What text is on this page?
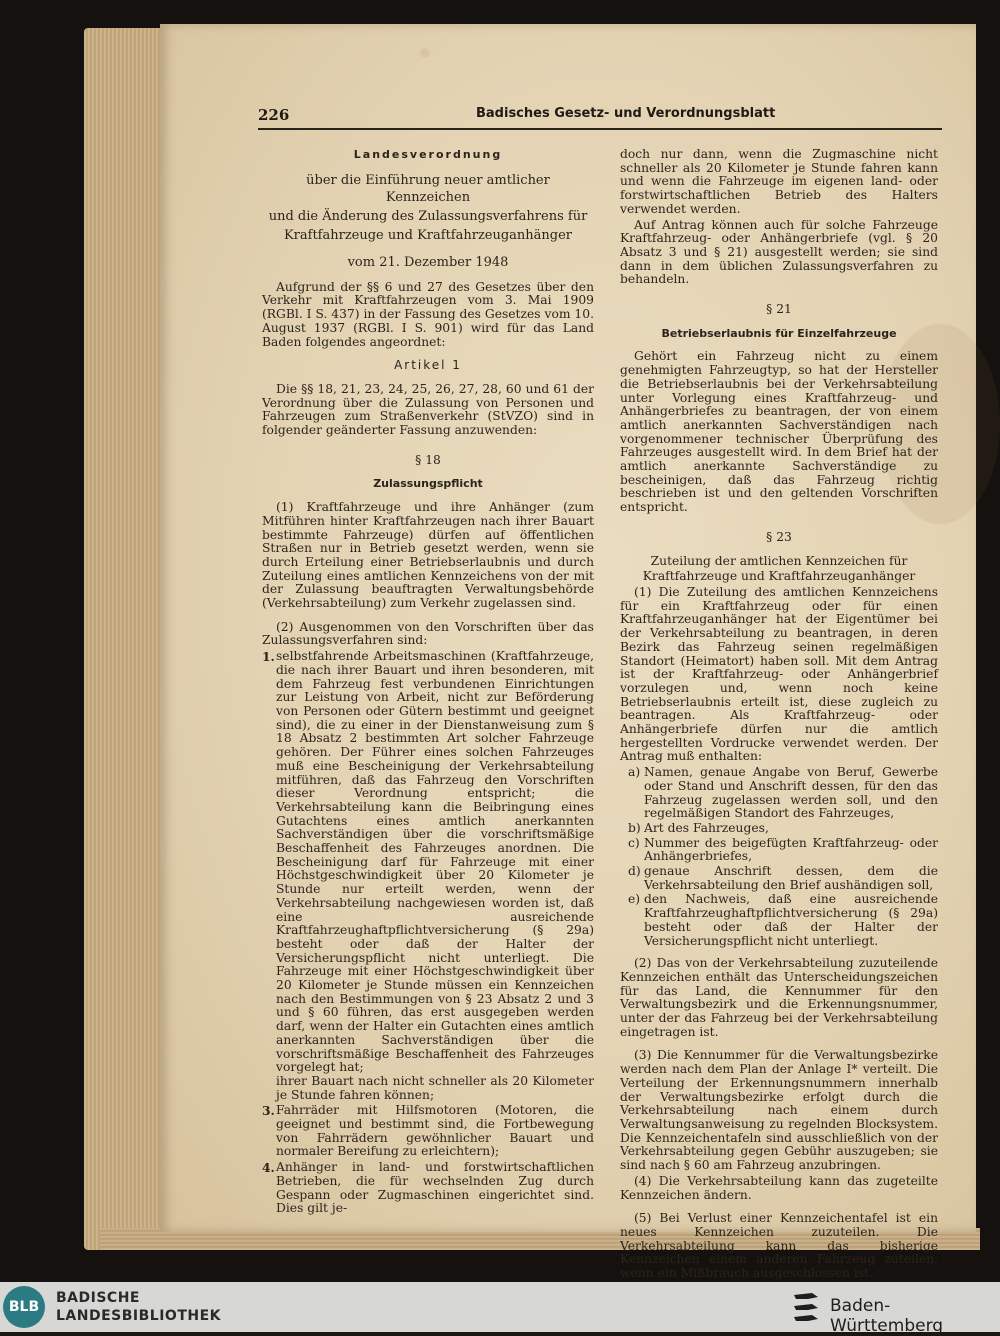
226	Badisches Gesetz- und Verordnungsblatt

Landesverordnung

über die Einführung neuer amtlicher Kennzeichen

und die Änderung des Zulassungsverfahrens für

Kraftfahrzeuge und Kraftfahrzeuganhänger

vom 21. Dezember 1948

Aufgrund der §§ 6 und 27 des Gesetzes über den Verkehr mit Kraftfahrzeugen vom 3. Mai 1909 (RGBl. I S. 437) in der Fassung des Gesetzes vom 10. August 1937 (RGBl. I S. 901) wird für das Land Baden folgendes angeordnet:

Artikel 1

Die §§ 18, 21, 23, 24, 25, 26, 27, 28, 60 und 61 der Verordnung über die Zulassung von Personen und Fahrzeugen zum Straßenverkehr (StVZO) sind in folgender geänderter Fassung anzuwenden:

§ 18

Zulassungspflicht

(1) Kraftfahrzeuge und ihre Anhänger (zum Mitführen hinter Kraftfahrzeugen nach ihrer Bauart bestimmte Fahrzeuge) dürfen auf öffentlichen Straßen nur in Betrieb gesetzt werden, wenn sie durch Erteilung einer Betriebserlaubnis und durch Zuteilung eines amtlichen Kennzeichens von der mit der Zulassung beauftragten Verwaltungsbehörde (Verkehrsabteilung) zum Verkehr zugelassen sind.

(2) Ausgenommen von den Vorschriften über das Zulassungsverfahren sind:

1. selbstfahrende Arbeitsmaschinen (Kraftfahrzeuge, die nach ihrer Bauart und ihren besonderen, mit dem Fahrzeug fest verbundenen Einrichtungen zur Leistung von Arbeit, nicht zur Beförderung von Personen oder Gütern bestimmt und geeignet sind), die zu einer in der Dienstanweisung zum § 18 Absatz 2 bestimmten Art solcher Fahrzeuge gehören. Der Führer eines solchen Fahrzeuges muß eine Bescheinigung der Verkehrsabteilung mitführen, daß das Fahrzeug den Vorschriften dieser Verordnung entspricht; die Verkehrsabteilung kann die Beibringung eines Gutachtens eines amtlich anerkannten Sachverständigen über die vorschriftsmäßige Beschaffenheit des Fahrzeuges anordnen. Die Bescheinigung darf für Fahrzeuge mit einer Höchstgeschwindigkeit über 20 Kilometer je Stunde nur erteilt werden, wenn der Verkehrsabteilung nachgewiesen worden ist, daß eine ausreichende Kraftfahrzeughaftpflichtversicherung (§ 29a) besteht oder daß der Halter der Versicherungspflicht nicht unterliegt. Die Fahrzeuge mit einer Höchstgeschwindigkeit über 20 Kilometer je Stunde müssen ein Kennzeichen nach den Bestimmungen von § 23 Absatz 2 und 3 und § 60 führen, das erst ausgegeben werden darf, wenn der Halter ein Gutachten eines amtlich anerkannten Sachverständigen über die vorschriftsmäßige Beschaffenheit des Fahrzeuges vorgelegt hat;
ihrer Bauart nach nicht schneller als 20 Kilometer je Stunde fahren können;
3. Fahrräder mit Hilfsmotoren (Motoren, die geeignet und bestimmt sind, die Fortbewegung von Fahrrädern gewöhnlicher Bauart und normaler Bereifung zu erleichtern);
4. Anhänger in land- und forstwirtschaftlichen Betrieben, die für wechselnden Zug durch Gespann oder Zugmaschinen eingerichtet sind. Dies gilt je-

doch nur dann, wenn die Zugmaschine nicht schneller als 20 Kilometer je Stunde fahren kann und wenn die Fahrzeuge im eigenen land- oder forstwirtschaftlichen Betrieb des Halters verwendet werden.

Auf Antrag können auch für solche Fahrzeuge Kraftfahrzeug- oder Anhängerbriefe (vgl. § 20 Absatz 3 und § 21) ausgestellt werden; sie sind dann in dem üblichen Zulassungsverfahren zu behandeln.

§ 21

Betriebserlaubnis für Einzelfahrzeuge

Gehört ein Fahrzeug nicht zu einem genehmigten Fahrzeugtyp, so hat der Hersteller die Betriebserlaubnis bei der Verkehrsabteilung unter Vorlegung eines Kraftfahrzeug- und Anhängerbriefes zu beantragen, der von einem amtlich anerkannten Sachverständigen nach vorgenommener technischer Überprüfung des Fahrzeuges ausgestellt wird. In dem Brief hat der amtlich anerkannte Sachverständige zu bescheinigen, daß das Fahrzeug richtig beschrieben ist und den geltenden Vorschriften entspricht.

§ 23

Zuteilung der amtlichen Kennzeichen für

Kraftfahrzeuge und Kraftfahrzeuganhänger

(1) Die Zuteilung des amtlichen Kennzeichens für ein Kraftfahrzeug oder für einen Kraftfahrzeuganhänger hat der Eigentümer bei der Verkehrsabteilung zu beantragen, in deren Bezirk das Fahrzeug seinen regelmäßigen Standort (Heimatort) haben soll. Mit dem Antrag ist der Kraftfahrzeug- oder Anhängerbrief vorzulegen und, wenn noch keine Betriebserlaubnis erteilt ist, diese zugleich zu beantragen. Als Kraftfahrzeug- oder Anhängerbriefe dürfen nur die amtlich hergestellten Vordrucke verwendet werden. Der Antrag muß enthalten:

a) Namen, genaue Angabe von Beruf, Gewerbe oder Stand und Anschrift dessen, für den das Fahrzeug zugelassen werden soll, und den regelmäßigen Standort des Fahrzeuges,
b) Art des Fahrzeuges,
c) Nummer des beigefügten Kraftfahrzeug- oder Anhängerbriefes,
d) genaue Anschrift dessen, dem die Verkehrsabteilung den Brief aushändigen soll,
e) den Nachweis, daß eine ausreichende Kraftfahrzeughaftpflichtversicherung (§ 29a) besteht oder daß der Halter der Versicherungspflicht nicht unterliegt.

(2) Das von der Verkehrsabteilung zuzuteilende Kennzeichen enthält das Unterscheidungszeichen für das Land, die Kennummer für den Verwaltungsbezirk und die Erkennungsnummer, unter der das Fahrzeug bei der Verkehrsabteilung eingetragen ist.

(3) Die Kennummer für die Verwaltungsbezirke werden nach dem Plan der Anlage I* verteilt. Die Verteilung der Erkennungsnummern innerhalb der Verwaltungsbezirke erfolgt durch die Verkehrsabteilung nach einem durch Verwaltungsanweisung zu regelnden Blocksystem. Die Kennzeichentafeln sind ausschließlich von der Verkehrsabteilung gegen Gebühr auszugeben; sie sind nach § 60 am Fahrzeug anzubringen.

(4) Die Verkehrsabteilung kann das zugeteilte Kennzeichen ändern.

(5) Bei Verlust einer Kennzeichentafel ist ein neues Kennzeichen zuzuteilen. Die Verkehrsabteilung kann das bisherige Kennzeichen einem anderen Fahrzeug zuteilen, wenn ein Mißbrauch ausgeschlossen ist.

BLB
BADISCHE
LANDESBIBLIOTHEK	Baden-Württemberg
